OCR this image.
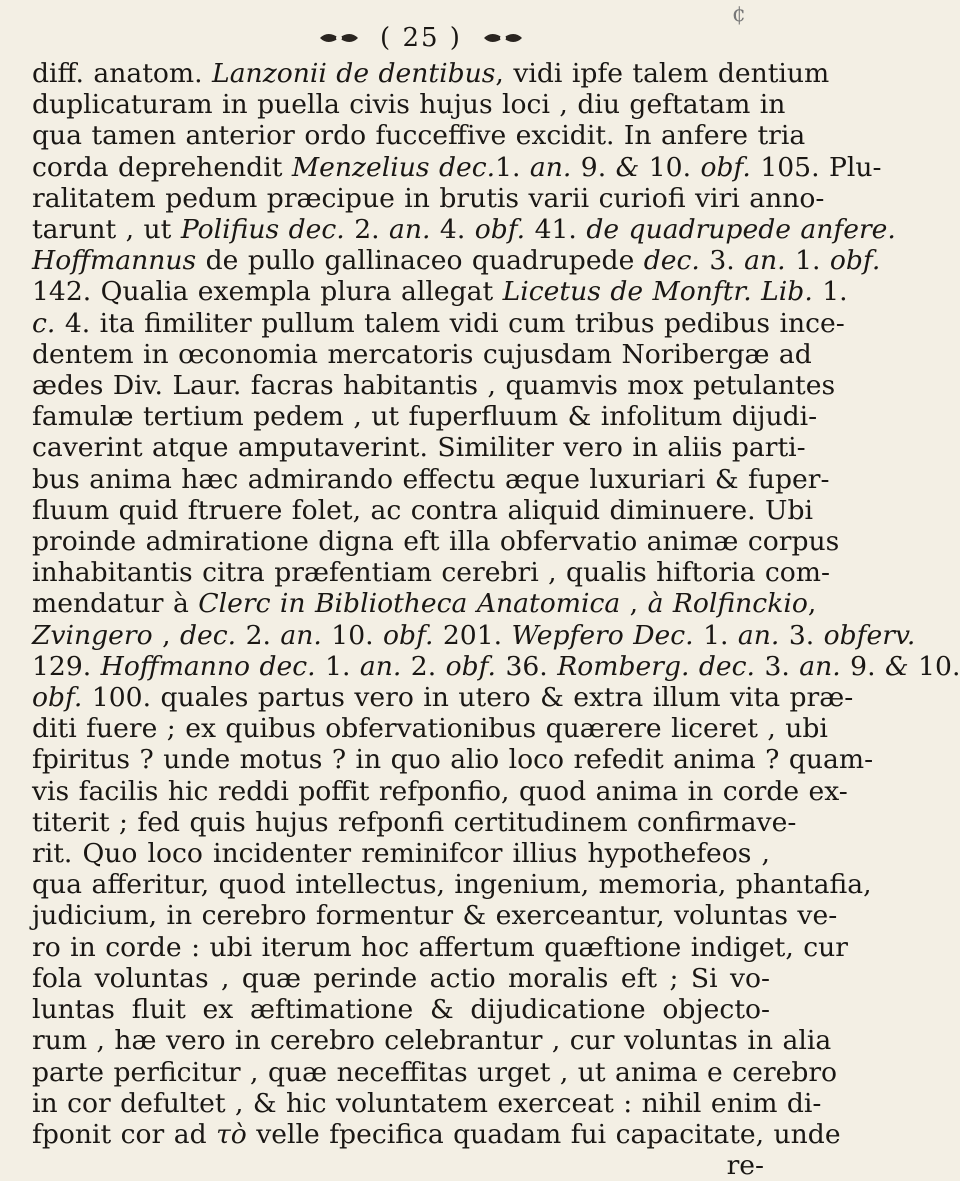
¢
( 25 )
diff. anatom. Lanzonii de dentibus, vidi ipfe talem dentium
duplicaturam in puella civis hujus loci , diu geftatam in
qua tamen anterior ordo fucceffive excidit. In anfere tria
corda deprehendit Menzelius dec.1. an. 9. & 10. obf. 105. Plu-
ralitatem pedum præcipue in brutis varii curiofi viri anno-
tarunt , ut Polifius dec. 2. an. 4. obf. 41. de quadrupede anfere.
Hoffmannus de pullo gallinaceo quadrupede dec. 3. an. 1. obf.
142. Qualia exempla plura allegat Licetus de Monftr. Lib. 1.
c. 4. ita fimiliter pullum talem vidi cum tribus pedibus ince-
dentem in œconomia mercatoris cujusdam Noribergæ ad
ædes Div. Laur. facras habitantis , quamvis mox petulantes
famulæ tertium pedem , ut fuperfluum & infolitum dijudi-
caverint atque amputaverint. Similiter vero in aliis parti-
bus anima hæc admirando effectu æque luxuriari & fuper-
fluum quid ftruere folet, ac contra aliquid diminuere. Ubi
proinde admiratione digna eft illa obfervatio animæ corpus
inhabitantis citra præfentiam cerebri , qualis hiftoria com-
mendatur à Clerc in Bibliotheca Anatomica , à Rolfinckio,
Zvingero , dec. 2. an. 10. obf. 201. Wepfero Dec. 1. an. 3. obferv.
129. Hoffmanno dec. 1. an. 2. obf. 36. Romberg. dec. 3. an. 9. & 10.
obf. 100. quales partus vero in utero & extra illum vita præ-
diti fuere ; ex quibus obfervationibus quærere liceret , ubi
fpiritus ? unde motus ? in quo alio loco refedit anima ? quam-
vis facilis hic reddi poffit refponfio, quod anima in corde ex-
titerit ; fed quis hujus refponfi certitudinem confirmave-
rit. Quo loco incidenter reminifcor illius hypothefeos ,
qua afferitur, quod intellectus, ingenium, memoria, phantafia,
judicium, in cerebro formentur & exerceantur, voluntas ve-
ro in corde : ubi iterum hoc affertum quæftione indiget, cur
fola voluntas , quæ perinde actio moralis eft ; Si vo-
luntas fluit ex æftimatione & dijudicatione objecto-
rum , hæ vero in cerebro celebrantur , cur voluntas in alia
parte perficitur , quæ neceffitas urget , ut anima e cerebro
in cor defultet , & hic voluntatem exerceat : nihil enim di-
fponit cor ad τὸ velle fpecifica quadam fui capacitate, unde
re-
